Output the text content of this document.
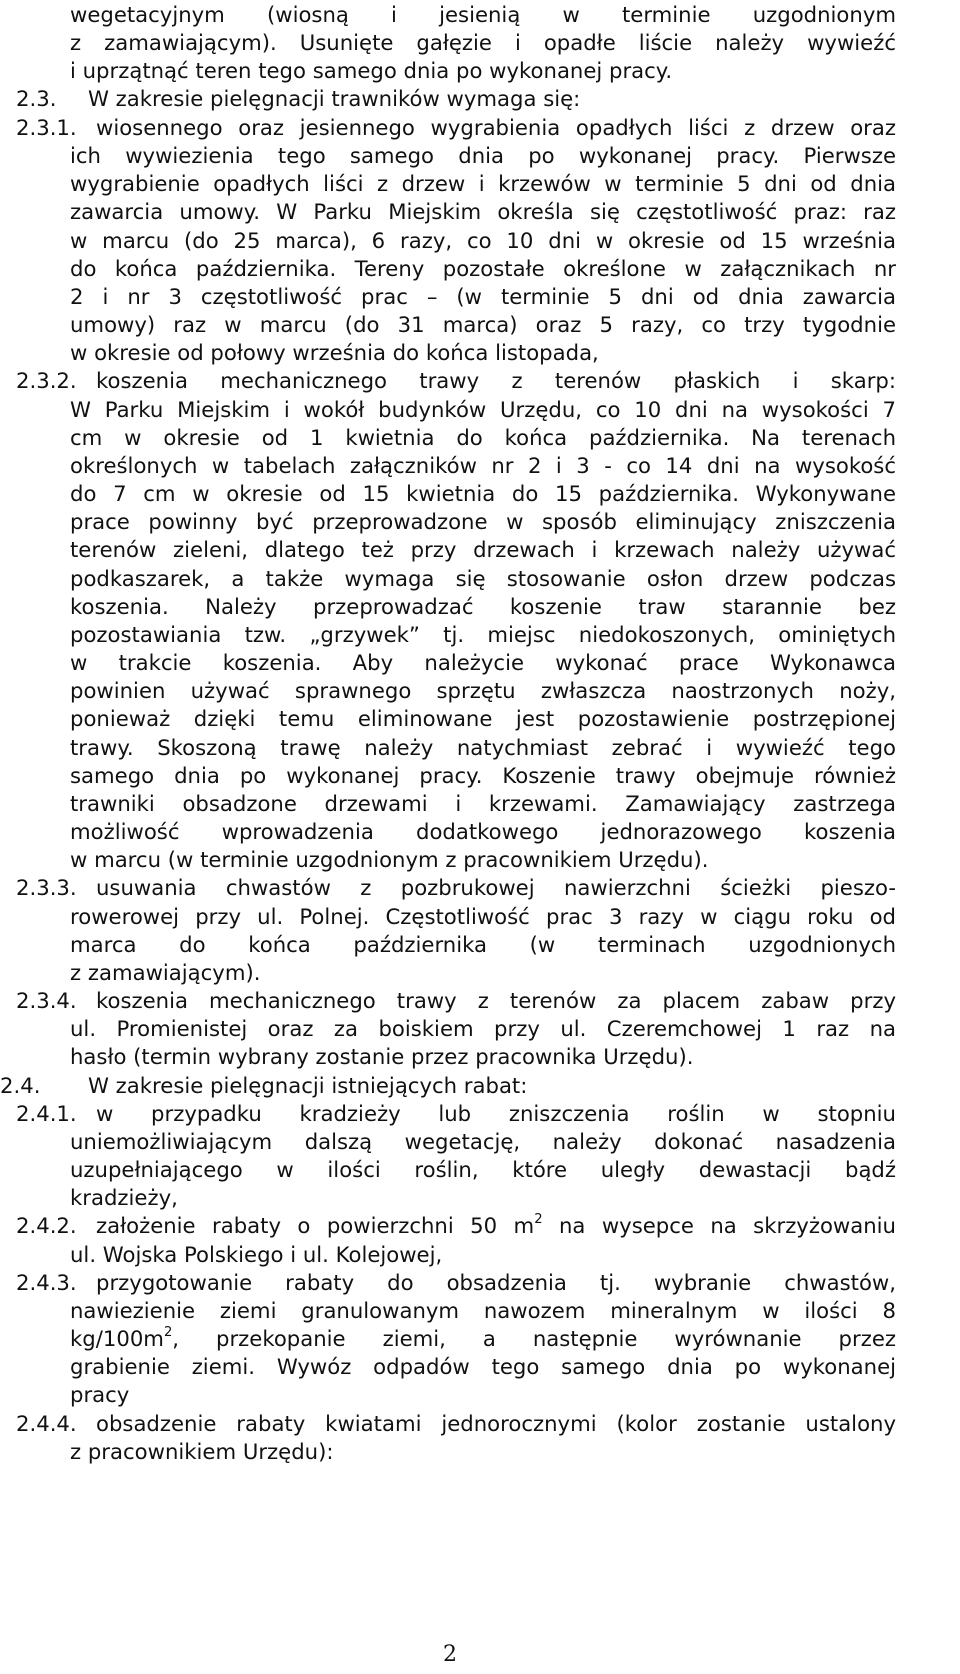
wegetacyjnym (wiosną i jesienią w terminie uzgodnionym
z zamawiającym). Usunięte gałęzie i opadłe liście należy wywieźć
i uprzątnąć teren tego samego dnia po wykonanej pracy.
2.3. W zakresie pielęgnacji trawników wymaga się:
2.3.1. wiosennego oraz jesiennego wygrabienia opadłych liści z drzew oraz
ich wywiezienia tego samego dnia po wykonanej pracy. Pierwsze
wygrabienie opadłych liści z drzew i krzewów w terminie 5 dni od dnia
zawarcia umowy. W Parku Miejskim określa się częstotliwość praz: raz
w marcu (do 25 marca), 6 razy, co 10 dni w okresie od 15 września
do końca października. Tereny pozostałe określone w załącznikach nr
2 i nr 3 częstotliwość prac – (w terminie 5 dni od dnia zawarcia
umowy) raz w marcu (do 31 marca) oraz 5 razy, co trzy tygodnie
w okresie od połowy września do końca listopada,
2.3.2. koszenia mechanicznego trawy z terenów płaskich i skarp:
W Parku Miejskim i wokół budynków Urzędu, co 10 dni na wysokości 7
cm w okresie od 1 kwietnia do końca października. Na terenach
określonych w tabelach załączników nr 2 i 3 - co 14 dni na wysokość
do 7 cm w okresie od 15 kwietnia do 15 października. Wykonywane
prace powinny być przeprowadzone w sposób eliminujący zniszczenia
terenów zieleni, dlatego też przy drzewach i krzewach należy używać
podkaszarek, a także wymaga się stosowanie osłon drzew podczas
koszenia. Należy przeprowadzać koszenie traw starannie bez
pozostawiania tzw. „grzywek” tj. miejsc niedokoszonych, ominiętych
w trakcie koszenia. Aby należycie wykonać prace Wykonawca
powinien używać sprawnego sprzętu zwłaszcza naostrzonych noży,
ponieważ dzięki temu eliminowane jest pozostawienie postrzępionej
trawy. Skoszoną trawę należy natychmiast zebrać i wywieźć tego
samego dnia po wykonanej pracy. Koszenie trawy obejmuje również
trawniki obsadzone drzewami i krzewami. Zamawiający zastrzega
możliwość wprowadzenia dodatkowego jednorazowego koszenia
w marcu (w terminie uzgodnionym z pracownikiem Urzędu).
2.3.3. usuwania chwastów z pozbrukowej nawierzchni ścieżki pieszo-
rowerowej przy ul. Polnej. Częstotliwość prac 3 razy w ciągu roku od
marca do końca października (w terminach uzgodnionych
z zamawiającym).
2.3.4. koszenia mechanicznego trawy z terenów za placem zabaw przy
ul. Promienistej oraz za boiskiem przy ul. Czeremchowej 1 raz na
hasło (termin wybrany zostanie przez pracownika Urzędu).
2.4. W zakresie pielęgnacji istniejących rabat:
2.4.1. w przypadku kradzieży lub zniszczenia roślin w stopniu
uniemożliwiającym dalszą wegetację, należy dokonać nasadzenia
uzupełniającego w ilości roślin, które uległy dewastacji bądź
kradzieży,
2.4.2. założenie rabaty o powierzchni 50 $m^2$ na wysepce na skrzyżowaniu
ul. Wojska Polskiego i ul. Kolejowej,
2.4.3. przygotowanie rabaty do obsadzenia tj. wybranie chwastów,
nawiezienie ziemi granulowanym nawozem mineralnym w ilości 8
$kg/100m^2$, przekopanie ziemi, a następnie wyrównanie przez
grabienie ziemi. Wywóz odpadów tego samego dnia po wykonanej
pracy
2.4.4. obsadzenie rabaty kwiatami jednorocznymi (kolor zostanie ustalony
z pracownikiem Urzędu):
2
